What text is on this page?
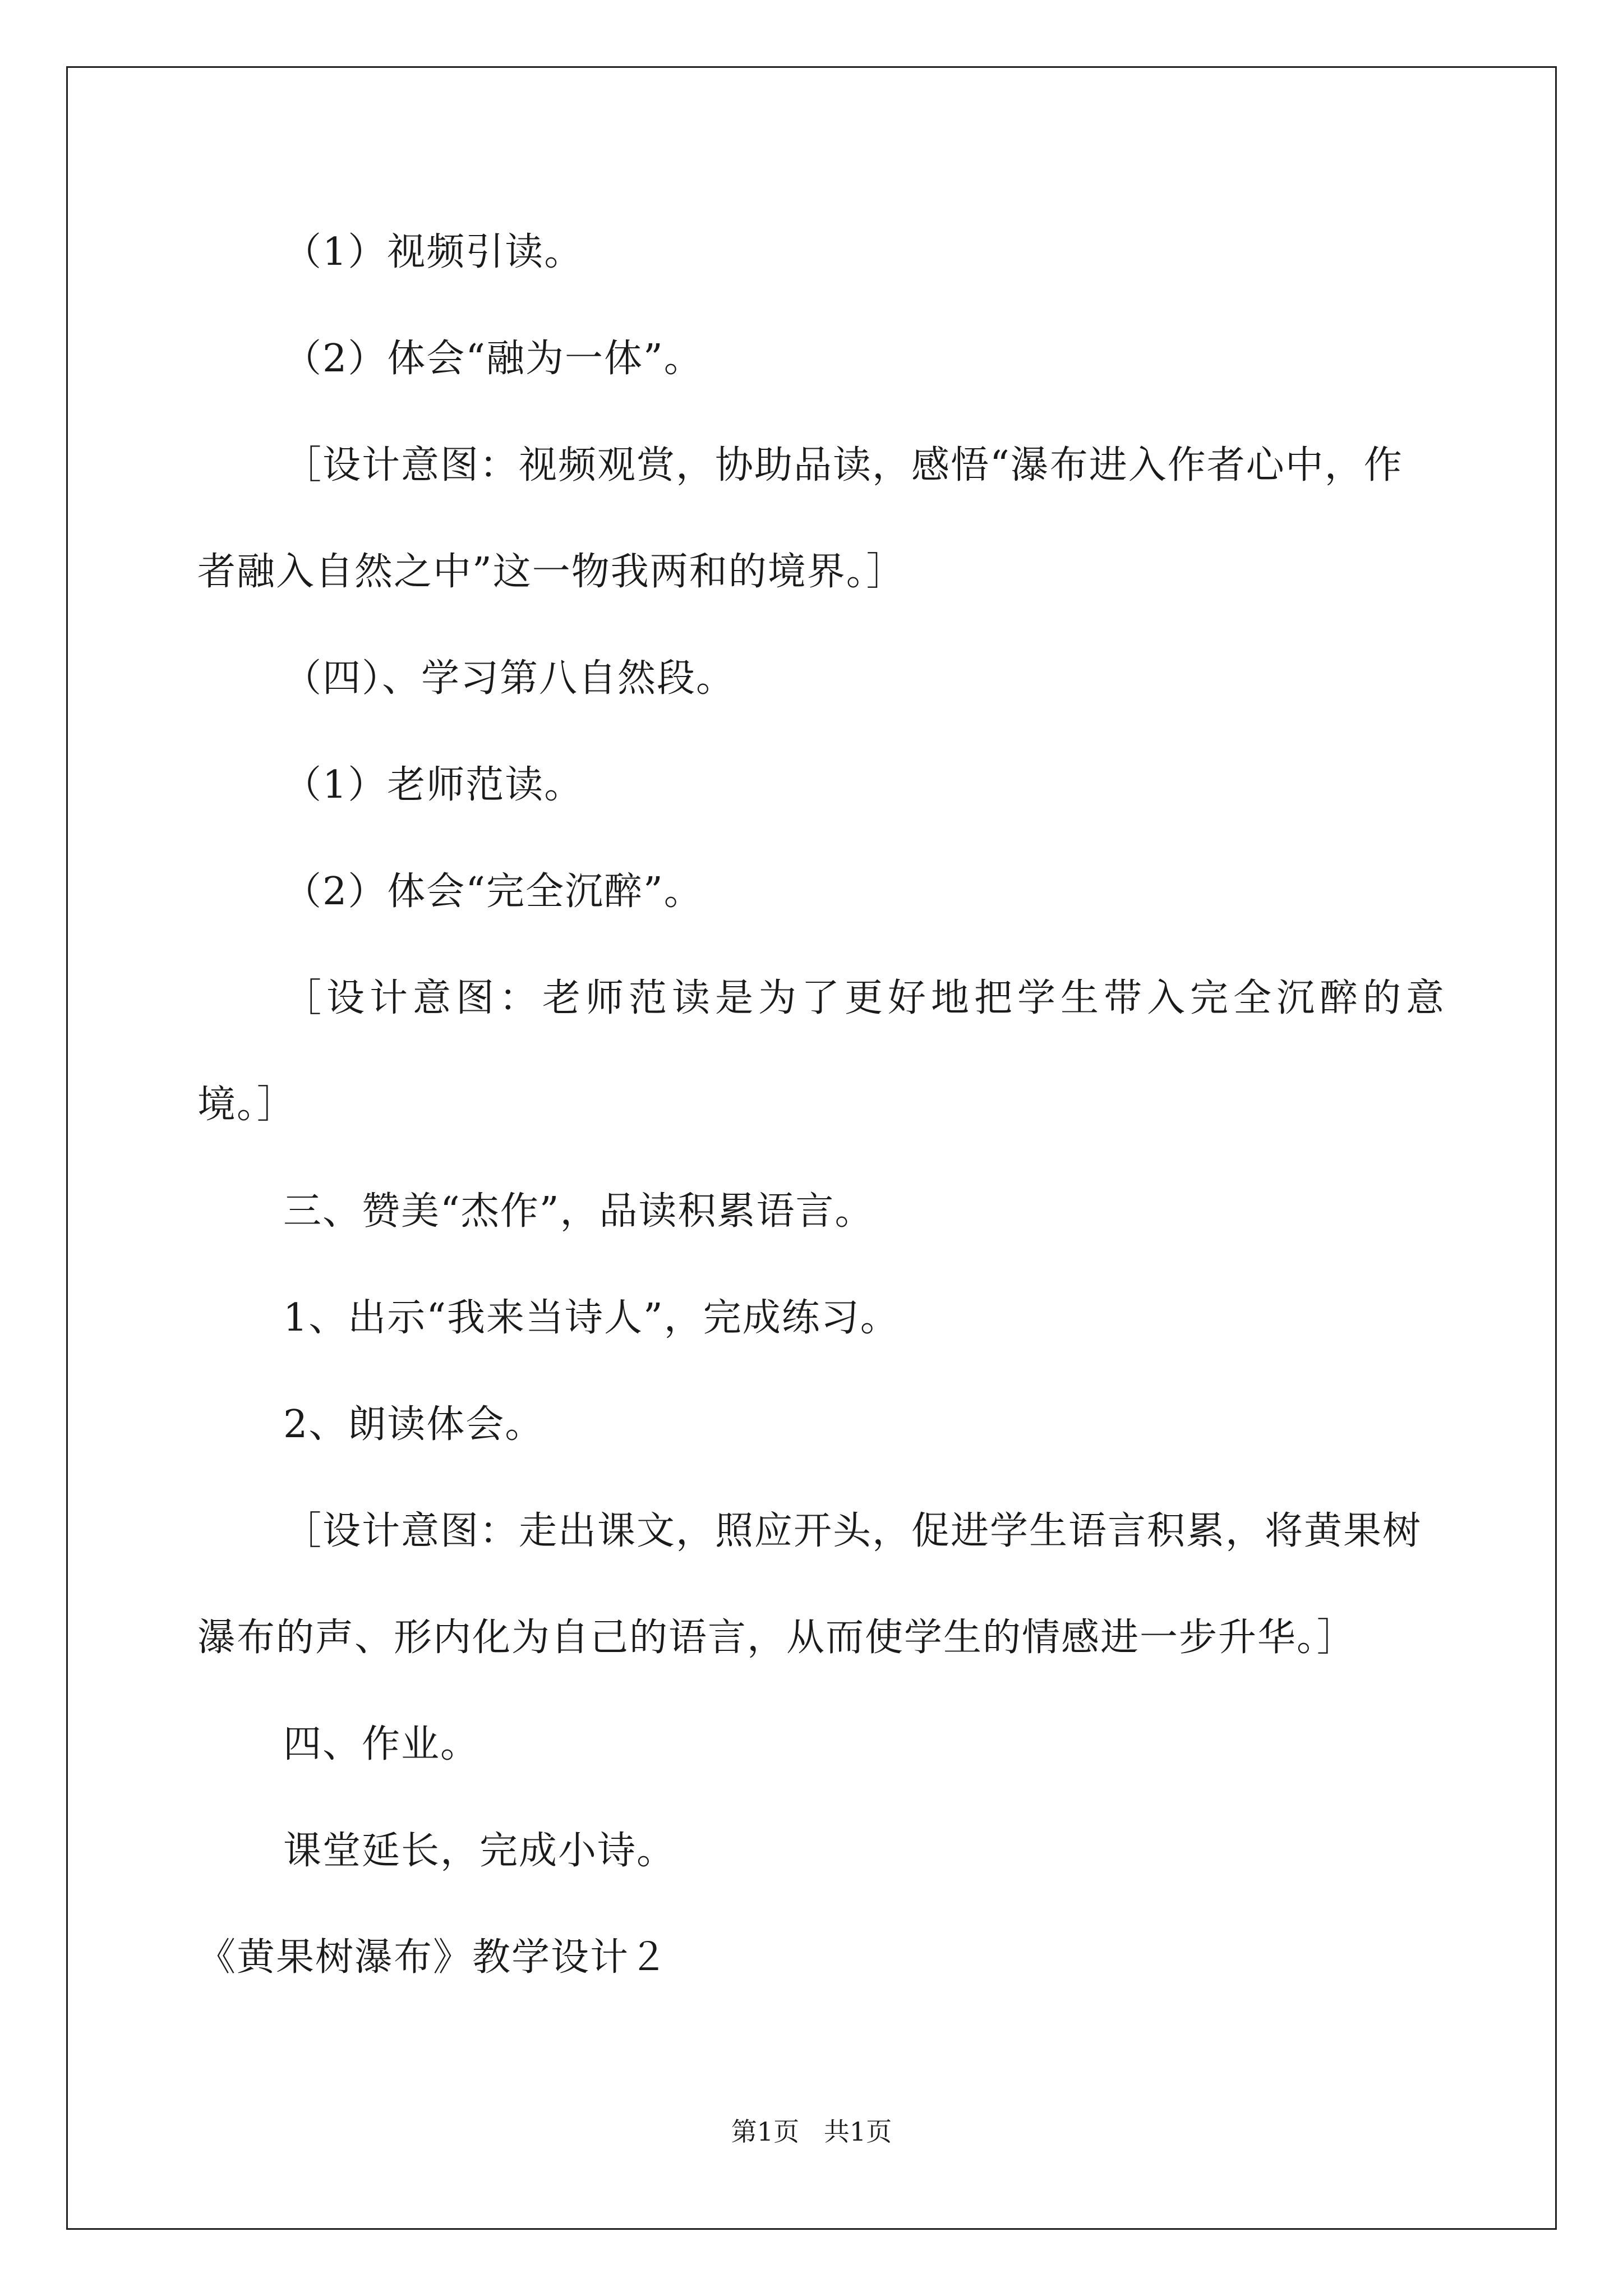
（1）视频引读。
（2）体会“融为一体”。
［设计意图：视频观赏，协助品读，感悟“瀑布进入作者心中，作
者融入自然之中”这一物我两和的境界。］
（四）、学习第八自然段。
（1）老师范读。
（2）体会“完全沉醉”。
［设计意图：老师范读是为了更好地把学生带入完全沉醉的意
境。］
三、赞美“杰作”，品读积累语言。
1、出示“我来当诗人”，完成练习。
2、朗读体会。
［设计意图：走出课文，照应开头，促进学生语言积累，将黄果树
瀑布的声、形内化为自己的语言，从而使学生的情感进一步升华。］
四、作业。
课堂延长，完成小诗。
《黄果树瀑布》教学设计２
第1页   共1页
